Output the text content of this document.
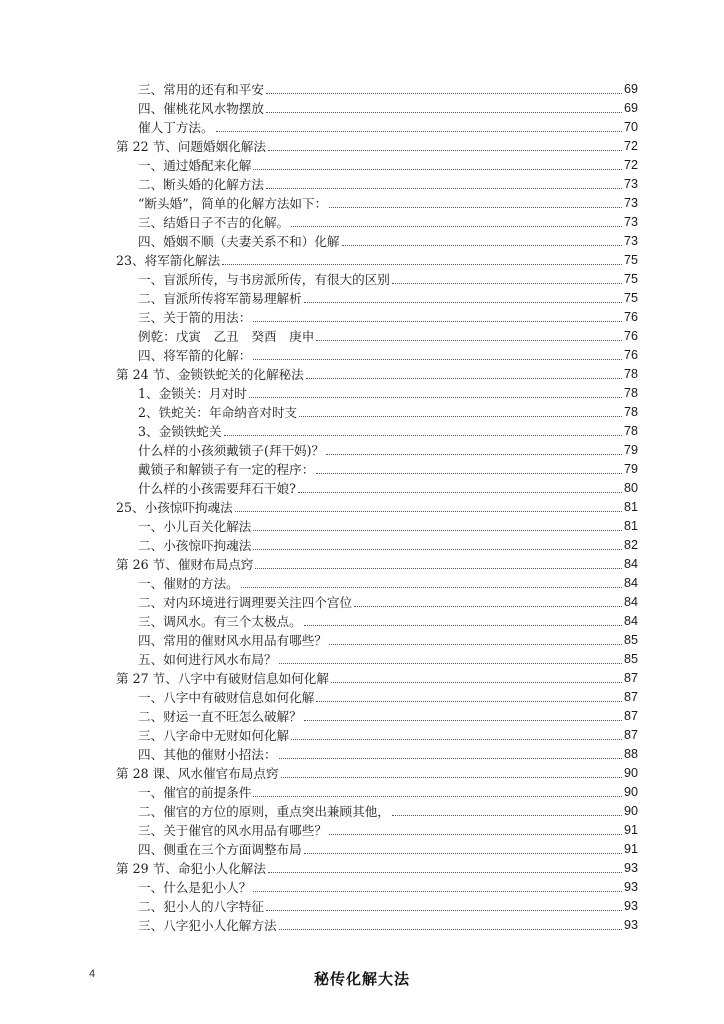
三、常用的还有和平安	69
四、催桃花风水物摆放	69
催人丁方法。	70
第 22 节、问题婚姻化解法	72
一、通过婚配来化解	72
二、断头婚的化解方法	73
“断头婚”，简单的化解方法如下：	73
三、结婚日子不吉的化解。	73
四、婚姻不顺（夫妻关系不和）化解	73
23、将军箭化解法	75
一、盲派所传，与书房派所传，有很大的区别	75
二、盲派所传将军箭易理解析	75
三、关于箭的用法：	76
例乾：戊寅　乙丑　癸酉　庚申	76
四、将军箭的化解：	76
第 24 节、金锁铁蛇关的化解秘法	78
1、金锁关：月对时	78
2、铁蛇关：年命纳音对时支	78
3、金锁铁蛇关	78
什么样的小孩须戴锁子(拜干妈)？	79
戴锁子和解锁子有一定的程序：	79
什么样的小孩需要拜石干娘?	80
25、小孩惊吓拘魂法	81
一、小儿百关化解法	81
二、小孩惊吓拘魂法	82
第 26 节、催财布局点窍	84
一、催财的方法。	84
二、对内环境进行调理要关注四个宫位	84
三、调风水。有三个太极点。	84
四、常用的催财风水用品有哪些？	85
五、如何进行风水布局？	85
第 27 节、八字中有破财信息如何化解	87
一、八字中有破财信息如何化解	87
二、财运一直不旺怎么破解？	87
三、八字命中无财如何化解	87
四、其他的催财小招法：	88
第 28 课、风水催官布局点窍	90
一、催官的前提条件	90
二、催官的方位的原则，重点突出兼顾其他，	90
三、关于催官的风水用品有哪些？	91
四、侧重在三个方面调整布局	91
第 29 节、命犯小人化解法	93
一、什么是犯小人？	93
二、犯小人的八字特征	93
三、八字犯小人化解方法	93
4	秘传化解大法
